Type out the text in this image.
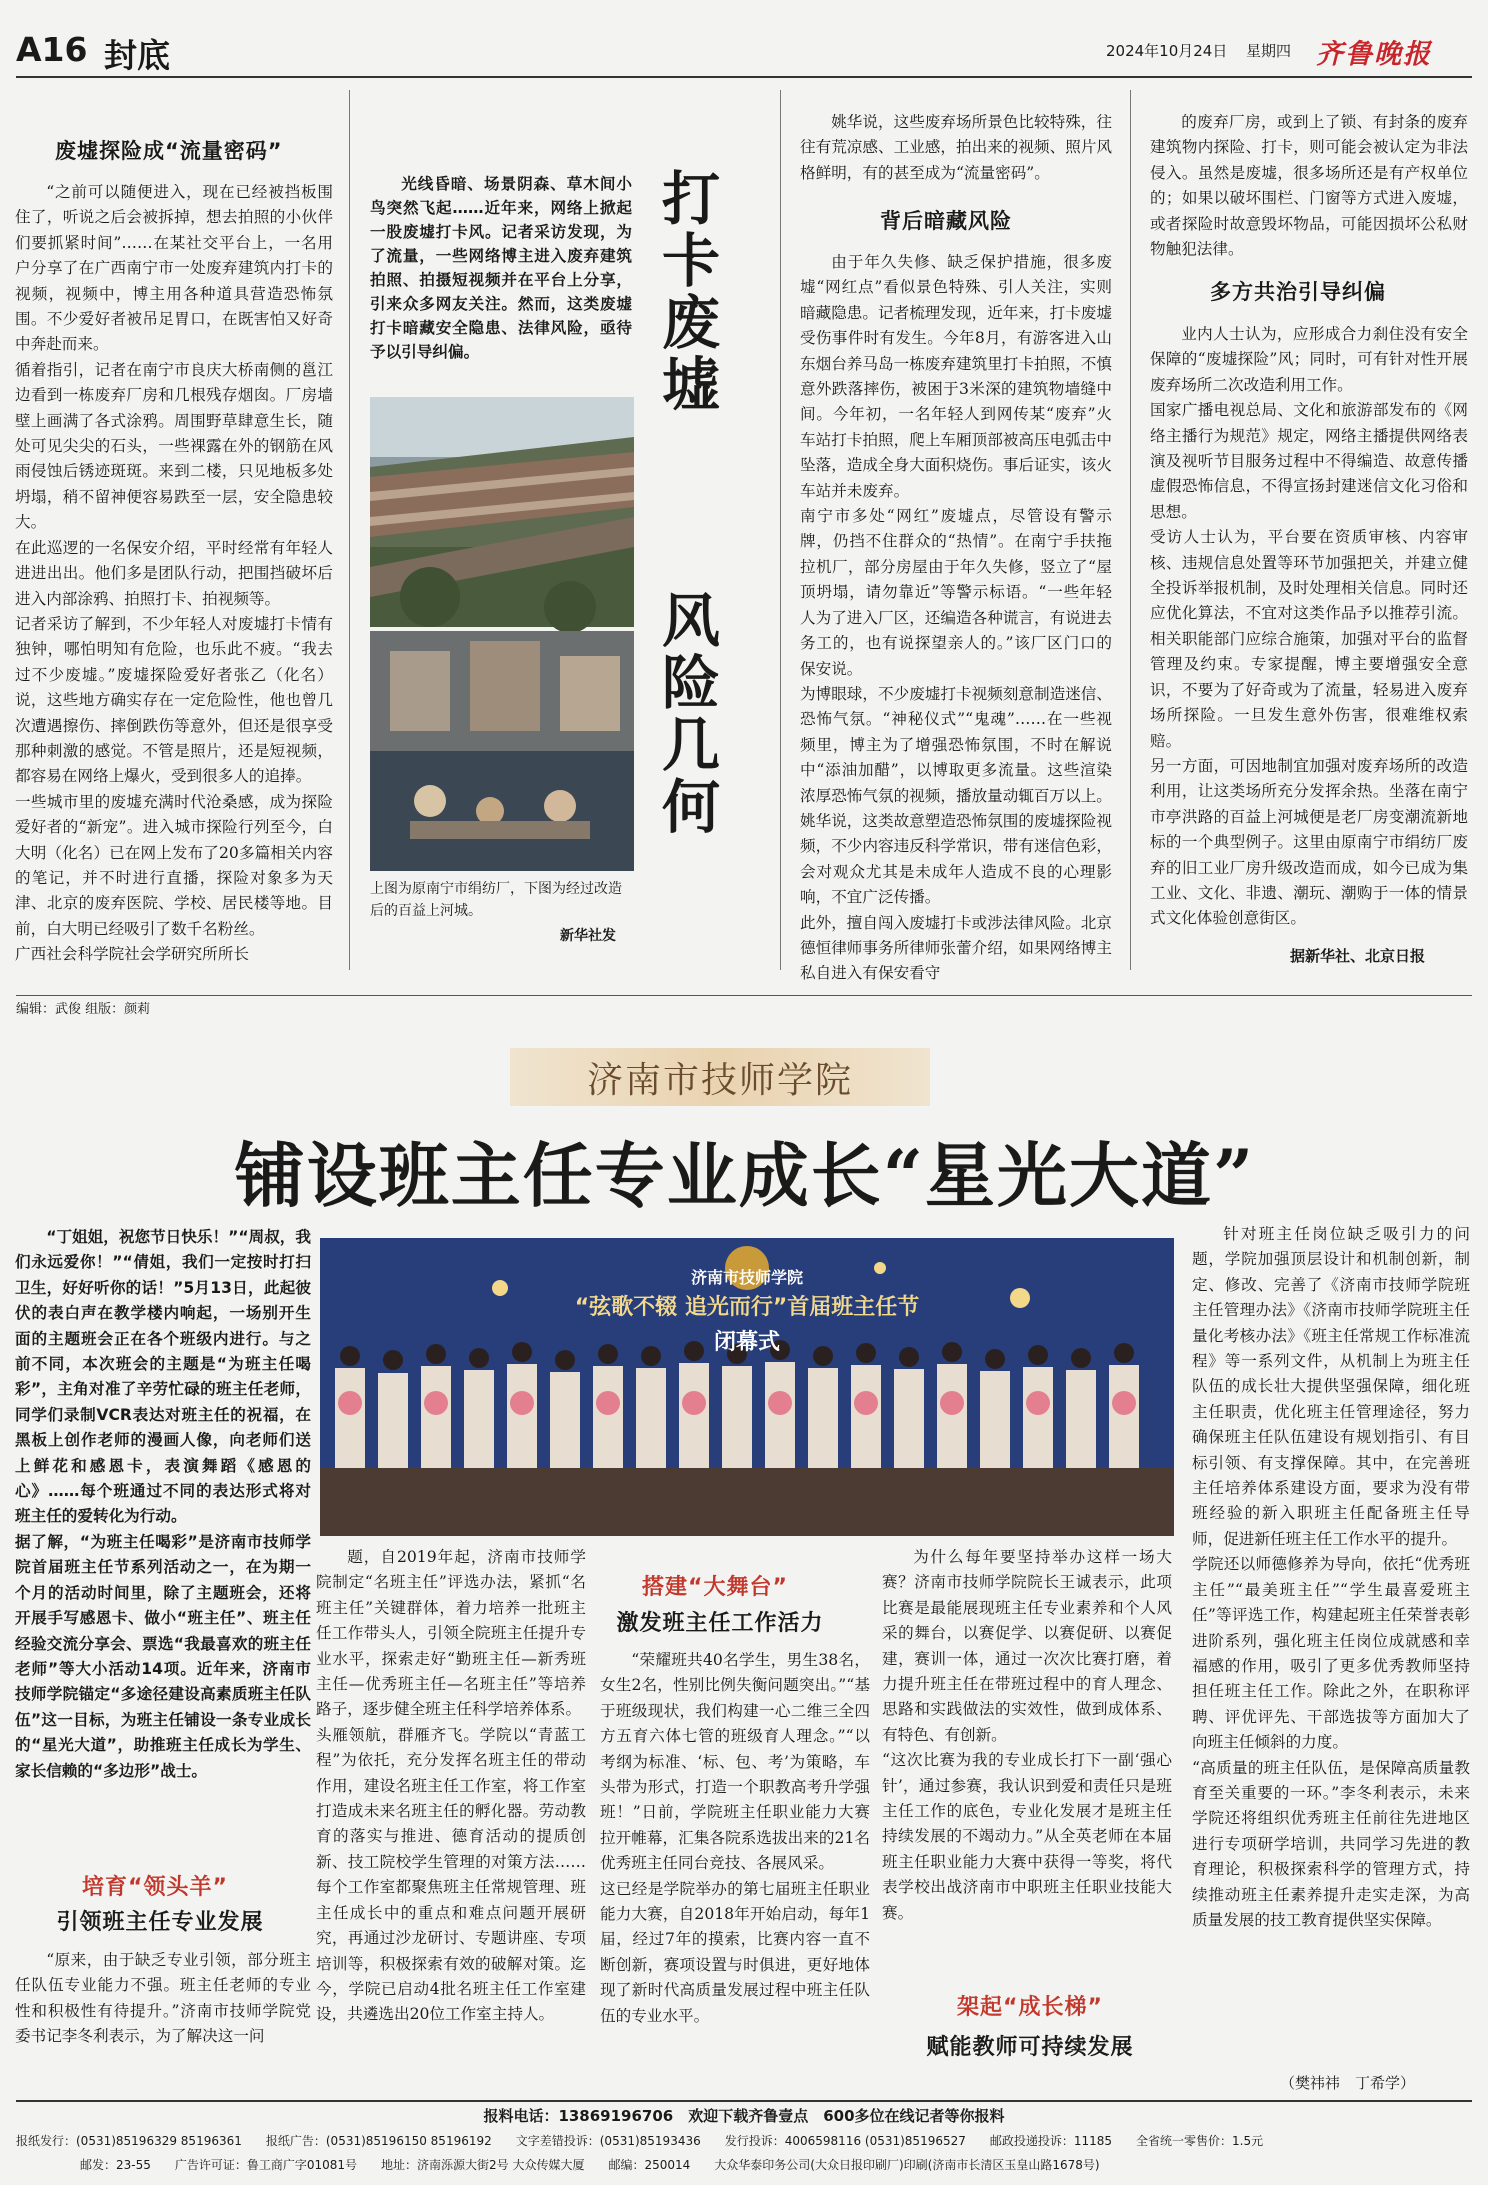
A16 封底	2024年10月24日 星期四 齐鲁晚报
废墟探险成“流量密码”
“之前可以随便进入，现在已经被挡板围住了，听说之后会被拆掉，想去拍照的小伙伴们要抓紧时间”……在某社交平台上，一名用户分享了在广西南宁市一处废弃建筑内打卡的视频，视频中，博主用各种道具营造恐怖氛围。不少爱好者被吊足胃口，在既害怕又好奇中奔赴而来。
循着指引，记者在南宁市良庆大桥南侧的邕江边看到一栋废弃厂房和几根残存烟囱。厂房墙壁上画满了各式涂鸦。周围野草肆意生长，随处可见尖尖的石头，一些裸露在外的钢筋在风雨侵蚀后锈迹斑斑。来到二楼，只见地板多处坍塌，稍不留神便容易跌至一层，安全隐患较大。
在此巡逻的一名保安介绍，平时经常有年轻人进进出出。他们多是团队行动，把围挡破坏后进入内部涂鸦、拍照打卡、拍视频等。
记者采访了解到，不少年轻人对废墟打卡情有独钟，哪怕明知有危险，也乐此不疲。“我去过不少废墟。”废墟探险爱好者张乙（化名）说，这些地方确实存在一定危险性，他也曾几次遭遇擦伤、摔倒跌伤等意外，但还是很享受那种刺激的感觉。不管是照片，还是短视频，都容易在网络上爆火，受到很多人的追捧。
一些城市里的废墟充满时代沧桑感，成为探险爱好者的“新宠”。进入城市探险行列至今，白大明（化名）已在网上发布了20多篇相关内容的笔记，并不时进行直播，探险对象多为天津、北京的废弃医院、学校、居民楼等地。目前，白大明已经吸引了数千名粉丝。
广西社会科学院社会学研究所所长
光线昏暗、场景阴森、草木间小鸟突然飞起……近年来，网络上掀起一股废墟打卡风。记者采访发现，为了流量，一些网络博主进入废弃建筑拍照、拍摄短视频并在平台上分享，引来众多网友关注。然而，这类废墟打卡暗藏安全隐患、法律风险，亟待予以引导纠偏。
上图为原南宁市绢纺厂，下图为经过改造后的百益上河城。
新华社发
打卡废墟
风险几何
姚华说，这些废弃场所景色比较特殊，往往有荒凉感、工业感，拍出来的视频、照片风格鲜明，有的甚至成为“流量密码”。
背后暗藏风险
由于年久失修、缺乏保护措施，很多废墟“网红点”看似景色特殊、引人关注，实则暗藏隐患。记者梳理发现，近年来，打卡废墟受伤事件时有发生。今年8月，有游客进入山东烟台养马岛一栋废弃建筑里打卡拍照，不慎意外跌落摔伤，被困于3米深的建筑物墙缝中间。今年初，一名年轻人到网传某“废弃”火车站打卡拍照，爬上车厢顶部被高压电弧击中坠落，造成全身大面积烧伤。事后证实，该火车站并未废弃。
南宁市多处“网红”废墟点，尽管设有警示牌，仍挡不住群众的“热情”。在南宁手扶拖拉机厂，部分房屋由于年久失修，竖立了“屋顶坍塌，请勿靠近”等警示标语。“一些年轻人为了进入厂区，还编造各种谎言，有说进去务工的，也有说探望亲人的。”该厂区门口的保安说。
为博眼球，不少废墟打卡视频刻意制造迷信、恐怖气氛。“神秘仪式”“鬼魂”……在一些视频里，博主为了增强恐怖氛围，不时在解说中“添油加醋”，以博取更多流量。这些渲染浓厚恐怖气氛的视频，播放量动辄百万以上。
姚华说，这类故意塑造恐怖氛围的废墟探险视频，不少内容违反科学常识，带有迷信色彩，会对观众尤其是未成年人造成不良的心理影响，不宜广泛传播。
此外，擅自闯入废墟打卡或涉法律风险。北京德恒律师事务所律师张蕾介绍，如果网络博主私自进入有保安看守
的废弃厂房，或到上了锁、有封条的废弃建筑物内探险、打卡，则可能会被认定为非法侵入。虽然是废墟，很多场所还是有产权单位的；如果以破坏围栏、门窗等方式进入废墟，或者探险时故意毁坏物品，可能因损坏公私财物触犯法律。
多方共治引导纠偏
业内人士认为，应形成合力刹住没有安全保障的“废墟探险”风；同时，可有针对性开展废弃场所二次改造利用工作。
国家广播电视总局、文化和旅游部发布的《网络主播行为规范》规定，网络主播提供网络表演及视听节目服务过程中不得编造、故意传播虚假恐怖信息，不得宣扬封建迷信文化习俗和思想。
受访人士认为，平台要在资质审核、内容审核、违规信息处置等环节加强把关，并建立健全投诉举报机制，及时处理相关信息。同时还应优化算法，不宜对这类作品予以推荐引流。相关职能部门应综合施策，加强对平台的监督管理及约束。专家提醒，博主要增强安全意识，不要为了好奇或为了流量，轻易进入废弃场所探险。一旦发生意外伤害，很难维权索赔。
另一方面，可因地制宜加强对废弃场所的改造利用，让这类场所充分发挥余热。坐落在南宁市亭洪路的百益上河城便是老厂房变潮流新地标的一个典型例子。这里由原南宁市绢纺厂废弃的旧工业厂房升级改造而成，如今已成为集工业、文化、非遗、潮玩、潮购于一体的情景式文化体验创意街区。
据新华社、北京日报
编辑：武俊 组版：颜莉
济南市技师学院
铺设班主任专业成长“星光大道”
“丁姐姐，祝您节日快乐！”“周叔，我们永远爱你！”“倩姐，我们一定按时打扫卫生，好好听你的话！”5月13日，此起彼伏的表白声在教学楼内响起，一场别开生面的主题班会正在各个班级内进行。与之前不同，本次班会的主题是“为班主任喝彩”，主角对准了辛劳忙碌的班主任老师，同学们录制VCR表达对班主任的祝福，在黑板上创作老师的漫画人像，向老师们送上鲜花和感恩卡，表演舞蹈《感恩的心》……每个班通过不同的表达形式将对班主任的爱转化为行动。
据了解，“为班主任喝彩”是济南市技师学院首届班主任节系列活动之一，在为期一个月的活动时间里，除了主题班会，还将开展手写感恩卡、做小“班主任”、班主任经验交流分享会、票选“我最喜欢的班主任老师”等大小活动14项。近年来，济南市技师学院锚定“多途径建设高素质班主任队伍”这一目标，为班主任铺设一条专业成长的“星光大道”，助推班主任成长为学生、家长信赖的“多边形”战士。
培育“领头羊”
引领班主任专业发展
“原来，由于缺乏专业引领，部分班主任队伍专业能力不强。班主任老师的专业性和积极性有待提升。”济南市技师学院党委书记李冬利表示，为了解决这一问
济南市技师学院
“弦歌不辍 追光而行”首届班主任节
闭幕式
题，自2019年起，济南市技师学院制定“名班主任”评选办法，紧抓“名班主任”关键群体，着力培养一批班主任工作带头人，引领全院班主任提升专业水平，探索走好“勤班主任—新秀班主任—优秀班主任—名班主任”等培养路子，逐步健全班主任科学培养体系。
头雁领航，群雁齐飞。学院以“青蓝工程”为依托，充分发挥名班主任的带动作用，建设名班主任工作室，将工作室打造成未来名班主任的孵化器。劳动教育的落实与推进、德育活动的提质创新、技工院校学生管理的对策方法……每个工作室都聚焦班主任常规管理、班主任成长中的重点和难点问题开展研究，再通过沙龙研讨、专题讲座、专项培训等，积极探索有效的破解对策。迄今，学院已启动4批名班主任工作室建设，共遴选出20位工作室主持人。
搭建“大舞台”
激发班主任工作活力
“荣耀班共40名学生，男生38名，女生2名，性别比例失衡问题突出。”“基于班级现状，我们构建一心二维三全四方五育六体七管的班级育人理念。”“以考纲为标准、‘标、包、考’为策略，车头带为形式，打造一个职教高考升学强班！”日前，学院班主任职业能力大赛拉开帷幕，汇集各院系选拔出来的21名优秀班主任同台竞技、各展风采。
这已经是学院举办的第七届班主任职业能力大赛，自2018年开始启动，每年1届，经过7年的摸索，比赛内容一直不断创新，赛项设置与时俱进，更好地体现了新时代高质量发展过程中班主任队伍的专业水平。
为什么每年要坚持举办这样一场大赛？济南市技师学院院长王诚表示，此项比赛是最能展现班主任专业素养和个人风采的舞台，以赛促学、以赛促研、以赛促建，赛训一体，通过一次次比赛打磨，着力提升班主任在带班过程中的育人理念、思路和实践做法的实效性，做到成体系、有特色、有创新。
“这次比赛为我的专业成长打下一副‘强心针’，通过参赛，我认识到爱和责任只是班主任工作的底色，专业化发展才是班主任持续发展的不竭动力。”从全英老师在本届班主任职业能力大赛中获得一等奖，将代表学校出战济南市中职班主任职业技能大赛。
架起“成长梯”
赋能教师可持续发展
针对班主任岗位缺乏吸引力的问题，学院加强顶层设计和机制创新，制定、修改、完善了《济南市技师学院班主任管理办法》《济南市技师学院班主任量化考核办法》《班主任常规工作标准流程》等一系列文件，从机制上为班主任队伍的成长壮大提供坚强保障，细化班主任职责，优化班主任管理途径，努力确保班主任队伍建设有规划指引、有目标引领、有支撑保障。其中，在完善班主任培养体系建设方面，要求为没有带班经验的新入职班主任配备班主任导师，促进新任班主任工作水平的提升。
学院还以师德修养为导向，依托“优秀班主任”“最美班主任”“学生最喜爱班主任”等评选工作，构建起班主任荣誉表彰进阶系列，强化班主任岗位成就感和幸福感的作用，吸引了更多优秀教师坚持担任班主任工作。除此之外，在职称评聘、评优评先、干部选拔等方面加大了向班主任倾斜的力度。
“高质量的班主任队伍，是保障高质量教育至关重要的一环。”李冬利表示，未来学院还将组织优秀班主任前往先进地区进行专项研学培训，共同学习先进的教育理论，积极探索科学的管理方式，持续推动班主任素养提升走实走深，为高质量发展的技工教育提供坚实保障。
（樊祎祎　丁希学）
报料电话：13869196706　欢迎下载齐鲁壹点　600多位在线记者等你报料
报纸发行：(0531)85196329 85196361　　报纸广告：(0531)85196150 85196192　　文字差错投诉：(0531)85193436　　发行投诉：4006598116 (0531)85196527　　邮政投递投诉：11185　　全省统一零售价：1.5元
邮发：23-55　　广告许可证：鲁工商广字01081号　　地址：济南泺源大街2号 大众传媒大厦　　邮编：250014　　大众华泰印务公司(大众日报印刷厂)印刷(济南市长清区玉皇山路1678号)
